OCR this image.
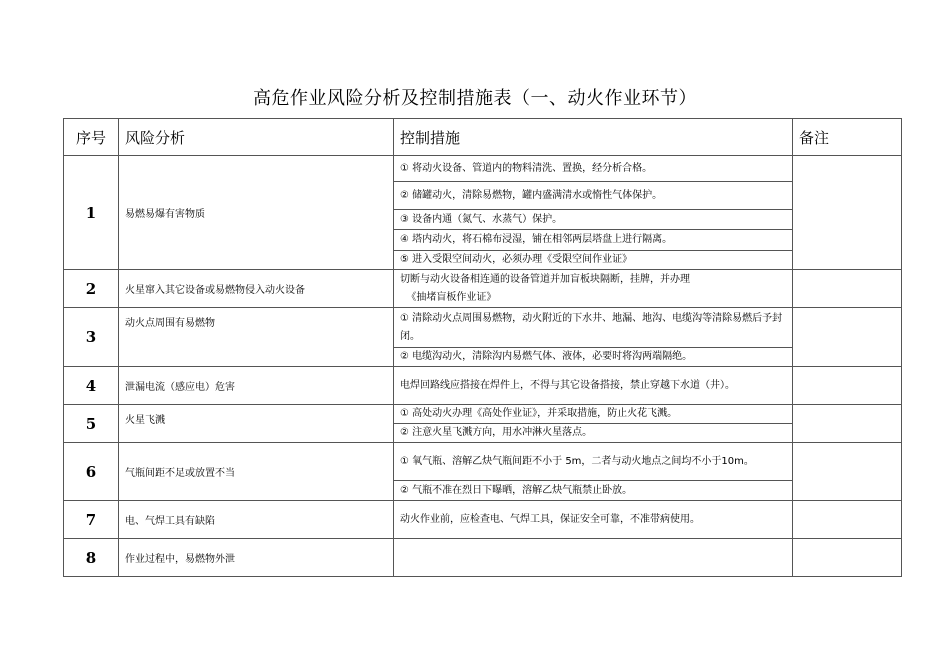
高危作业风险分析及控制措施表（一、动火作业环节）
序号	风险分析	控制措施	备注
1	易燃易爆有害物质	① 将动火设备、管道内的物料清洗、置换，经分析合格。	
		② 储罐动火，清除易燃物，罐内盛满清水或惰性气体保护。	
		③ 设备内通（氮气、水蒸气）保护。	
		④ 塔内动火，将石棉布浸湿，铺在相邻两层塔盘上进行隔离。	
		⑤ 进入受限空间动火，必须办理《受限空间作业证》	
2	火星窜入其它设备或易燃物侵入动火设备	切断与动火设备相连通的设备管道并加盲板块隔断，挂牌，并办理
《抽堵盲板作业证》	
3	动火点周围有易燃物	① 清除动火点周围易燃物，动火附近的下水井、地漏、地沟、电缆沟等清除易燃后予封闭。	
		② 电缆沟动火，清除沟内易燃气体、液体，必要时将沟两端隔绝。	
4	泄漏电流（感应电）危害	电焊回路线应搭接在焊件上，不得与其它设备搭接，禁止穿越下水道（井）。	
5	火星飞溅	① 高处动火办理《高处作业证》，并采取措施，防止火花飞溅。	
		② 注意火星飞溅方向，用水冲淋火星落点。	
6	气瓶间距不足或放置不当	① 氧气瓶、溶解乙炔气瓶间距不小于 5m，二者与动火地点之间均不小于10m。	
		② 气瓶不准在烈日下曝晒，溶解乙炔气瓶禁止卧放。	
7	电、气焊工具有缺陷	动火作业前，应检查电、气焊工具，保证安全可靠，不准带病使用。	
8	作业过程中，易燃物外泄		
